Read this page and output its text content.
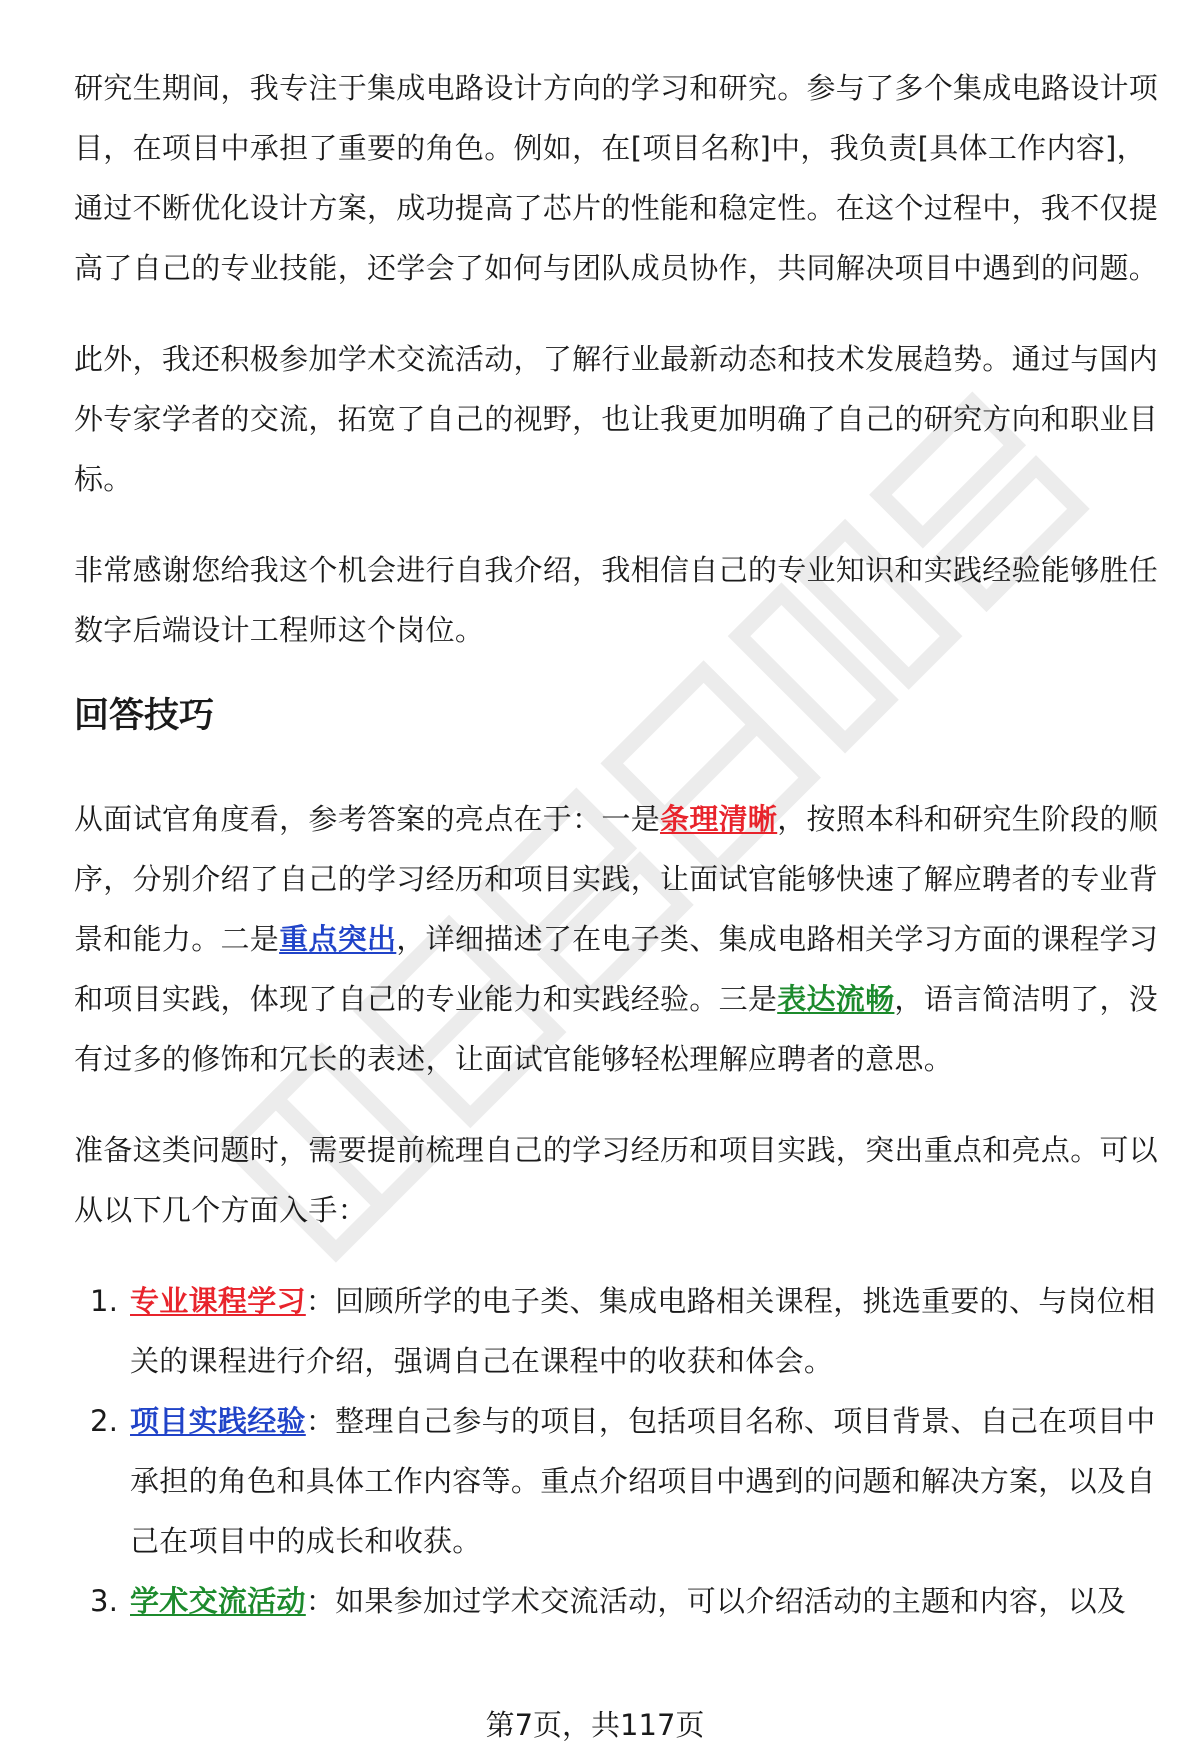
研究生期间，我专注于集成电路设计方向的学习和研究。参与了多个集成电路设计项目，在项目中承担了重要的角色。例如，在[项目名称]中，我负责[具体工作内容]，通过不断优化设计方案，成功提高了芯片的性能和稳定性。在这个过程中，我不仅提高了自己的专业技能，还学会了如何与团队成员协作，共同解决项目中遇到的问题。

此外，我还积极参加学术交流活动，了解行业最新动态和技术发展趋势。通过与国内外专家学者的交流，拓宽了自己的视野，也让我更加明确了自己的研究方向和职业目标。

非常感谢您给我这个机会进行自我介绍，我相信自己的专业知识和实践经验能够胜任数字后端设计工程师这个岗位。

回答技巧

从面试官角度看，参考答案的亮点在于：一是条理清晰，按照本科和研究生阶段的顺序，分别介绍了自己的学习经历和项目实践，让面试官能够快速了解应聘者的专业背景和能力。二是重点突出，详细描述了在电子类、集成电路相关学习方面的课程学习和项目实践，体现了自己的专业能力和实践经验。三是表达流畅，语言简洁明了，没有过多的修饰和冗长的表述，让面试官能够轻松理解应聘者的意思。

准备这类问题时，需要提前梳理自己的学习经历和项目实践，突出重点和亮点。可以从以下几个方面入手：

1. 专业课程学习：回顾所学的电子类、集成电路相关课程，挑选重要的、与岗位相关的课程进行介绍，强调自己在课程中的收获和体会。
2. 项目实践经验：整理自己参与的项目，包括项目名称、项目背景、自己在项目中承担的角色和具体工作内容等。重点介绍项目中遇到的问题和解决方案，以及自己在项目中的成长和收获。
3. 学术交流活动：如果参加过学术交流活动，可以介绍活动的主题和内容，以及
第7页，共117页
